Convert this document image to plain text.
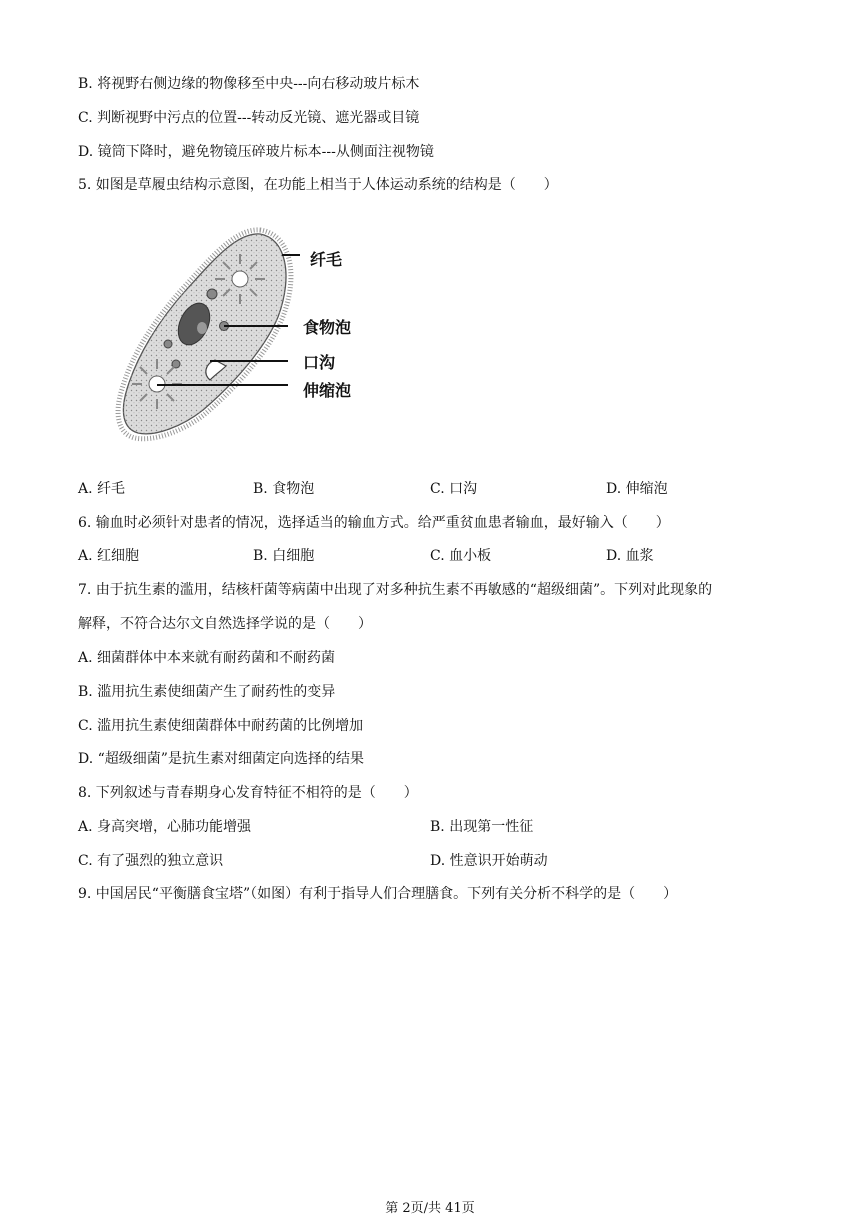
B. 将视野右侧边缘的物像移至中央---向右移动玻片标木
C. 判断视野中污点的位置---转动反光镜、遮光器或目镜
D. 镜筒下降时，避免物镜压碎玻片标本---从侧面注视物镜
5. 如图是草履虫结构示意图，在功能上相当于人体运动系统的结构是（　　）
纤毛
食物泡
口沟
伸缩泡
A. 纤毛	B. 食物泡	C. 口沟	D. 伸缩泡
6. 输血时必须针对患者的情况，选择适当的输血方式。给严重贫血患者输血，最好输入（　　）
A. 红细胞	B. 白细胞	C. 血小板	D. 血浆
7. 由于抗生素的滥用，结核杆菌等病菌中出现了对多种抗生素不再敏感的“超级细菌”。下列对此现象的
解释，不符合达尔文自然选择学说的是（　　）
A. 细菌群体中本来就有耐药菌和不耐药菌
B. 滥用抗生素使细菌产生了耐药性的变异
C. 滥用抗生素使细菌群体中耐药菌的比例增加
D. “超级细菌”是抗生素对细菌定向选择的结果
8. 下列叙述与青春期身心发育特征不相符的是（　　）
A. 身高突增，心肺功能增强	B. 出现第一性征
C. 有了强烈的独立意识	D. 性意识开始萌动
9. 中国居民“平衡膳食宝塔”（如图）有利于指导人们合理膳食。下列有关分析不科学的是（　　）
第 2页/共 41页
